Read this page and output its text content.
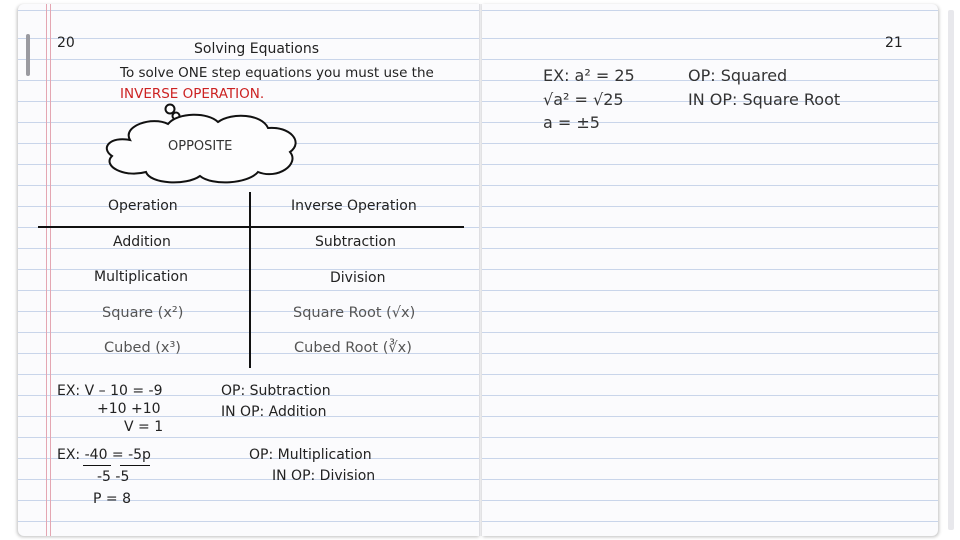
20	Solving Equations
To solve ONE step equations you must use the
INVERSE OPERATION.
OPPOSITE
Operation	Inverse Operation
Addition	Subtraction
Multiplication	Division
Square (x²)	Square Root (√x)
Cubed (x³)	Cubed Root (∛x)
EX: V – 10 = -9
+10 +10
V = 1
OP: Subtraction
IN OP: Addition
EX: -40 = -5p
-5 -5
P = 8
OP: Multiplication
IN OP: Division
21
EX: a² = 25
√a² = √25
a = ±5
OP: Squared
IN OP: Square Root
